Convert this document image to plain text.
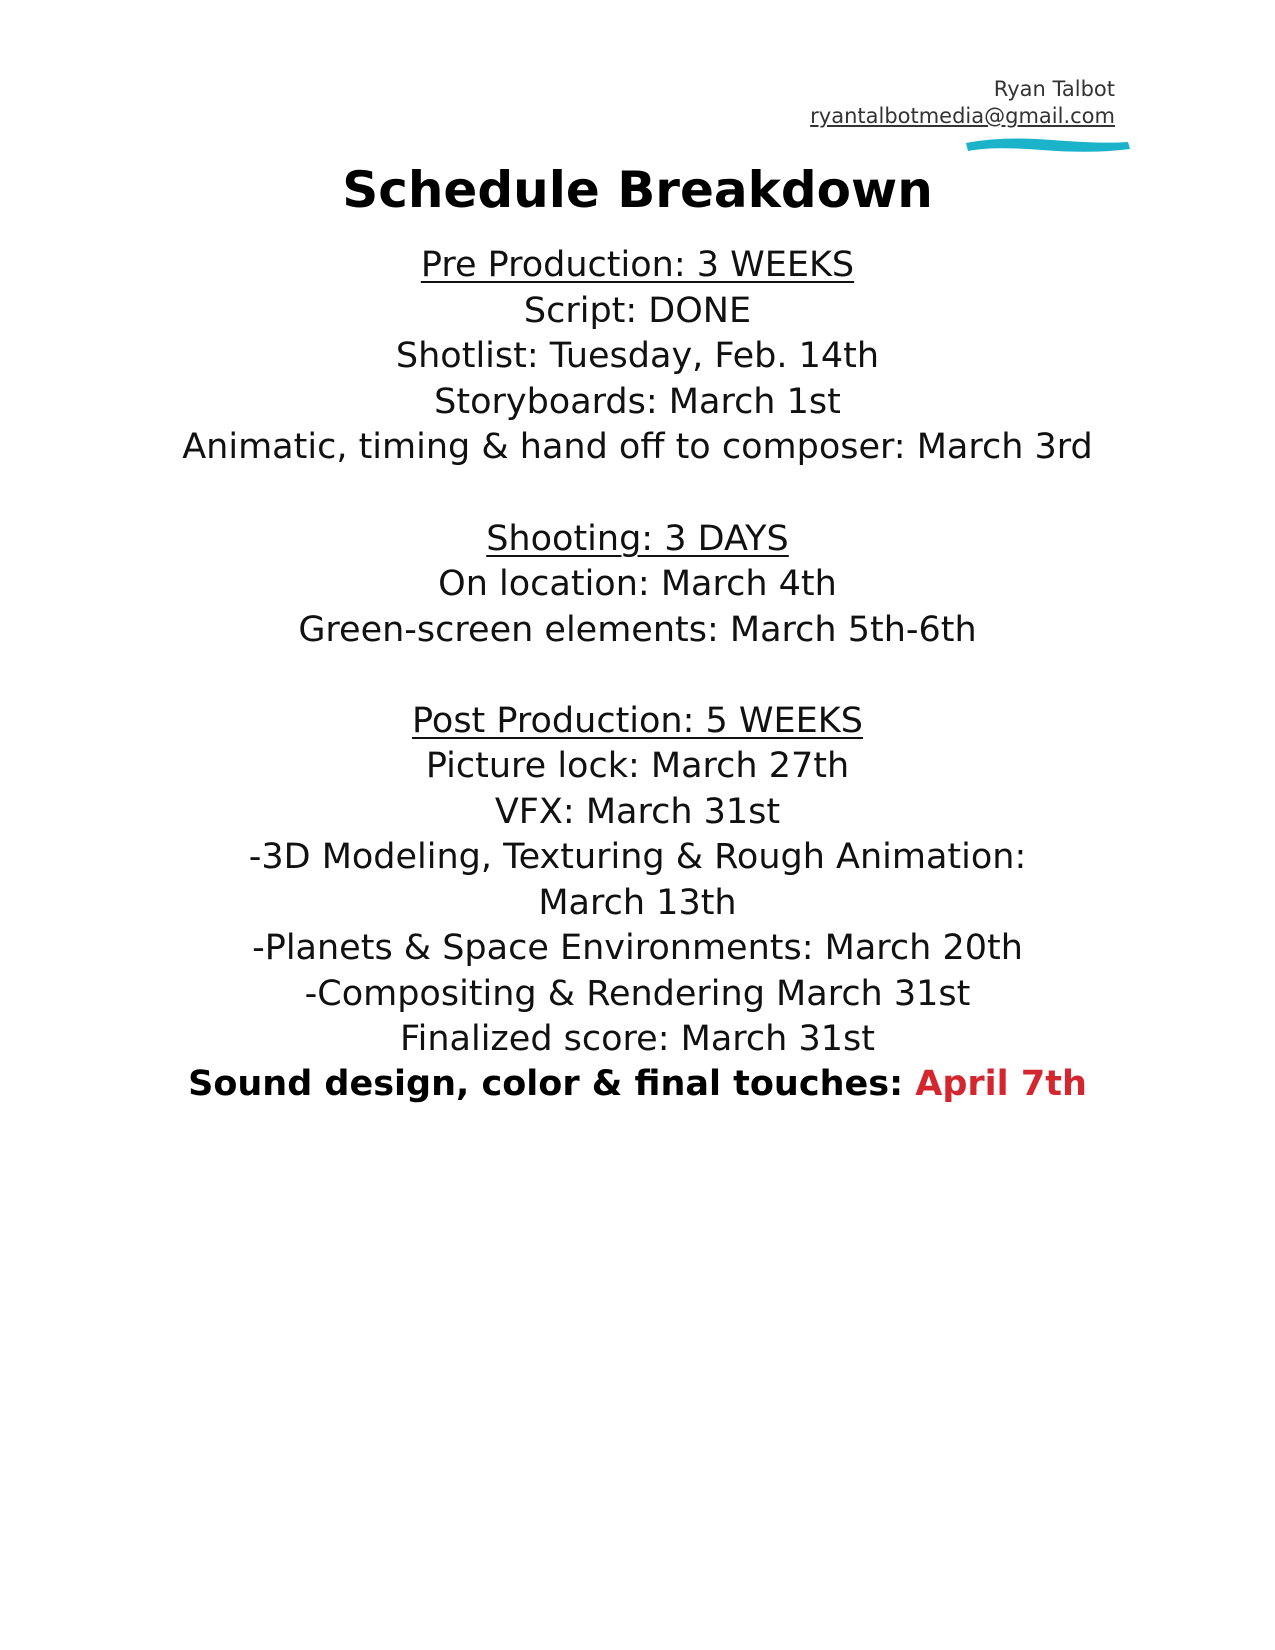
Ryan Talbot
ryantalbotmedia@gmail.com
Schedule Breakdown
Pre Production: 3 WEEKS
Script: DONE
Shotlist: Tuesday, Feb. 14th
Storyboards: March 1st
Animatic, timing & hand off to composer: March 3rd
Shooting: 3 DAYS
On location: March 4th
Green-screen elements: March 5th-6th
Post Production: 5 WEEKS
Picture lock: March 27th
VFX: March 31st
-3D Modeling, Texturing & Rough Animation:
March 13th
-Planets & Space Environments: March 20th
-Compositing & Rendering March 31st
Finalized score: March 31st
Sound design, color & final touches: April 7th
